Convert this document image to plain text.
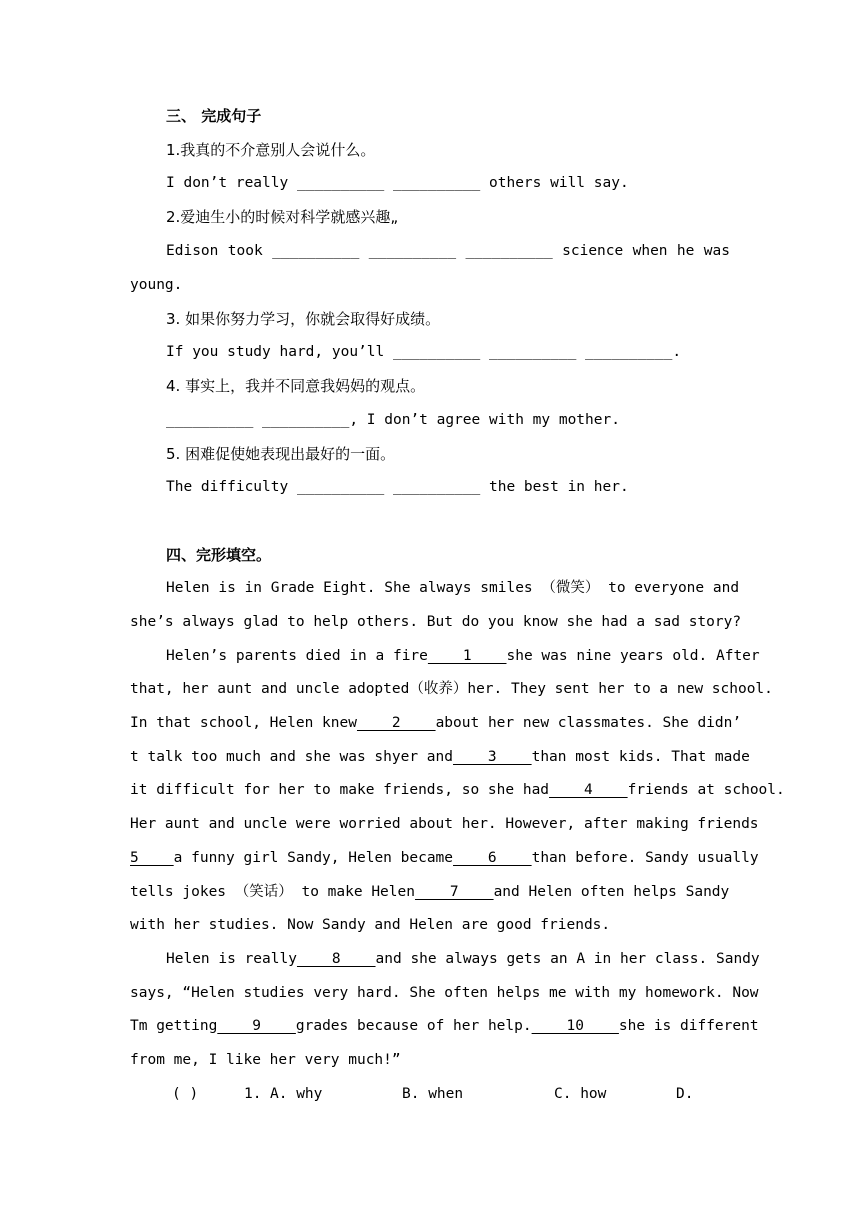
三、 完成句子
1.我真的不介意别人会说什么。
I don’t really __________ __________ others will say.
2.爱迪生小的时候对科学就感兴趣„
Edison took __________ __________ __________ science when he was
young.
3. 如果你努力学习，你就会取得好成绩。
If you study hard, you’ll __________ __________ __________.
4. 事实上，我并不同意我妈妈的观点。
__________ __________, I don’t agree with my mother.
5. 困难促使她表现出最好的一面。
The difficulty __________ __________ the best in her.
四、完形填空。
Helen is in Grade Eight. She always smiles （微笑） to everyone and
she’s always glad to help others. But do you know she had a sad story?
Helen’s parents died in a fire    1    she was nine years old. After
that, her aunt and uncle adopted（收养）her. They sent her to a new school.
In that school, Helen knew    2    about her new classmates. She didn’
t talk too much and she was shyer and    3    than most kids. That made
it difficult for her to make friends, so she had    4    friends at school.
Her aunt and uncle were worried about her. However, after making friends
5    a funny girl Sandy, Helen became    6    than before. Sandy usually
tells jokes （笑话） to make Helen    7    and Helen often helps Sandy
with her studies. Now Sandy and Helen are good friends.
Helen is really    8    and she always gets an A in her class. Sandy
says, “Helen studies very hard. She often helps me with my homework. Now
Tm getting    9    grades because of her help.    10    she is different
from me, I like her very much!”
( )	1. A. why	B. when	C. how	D.
